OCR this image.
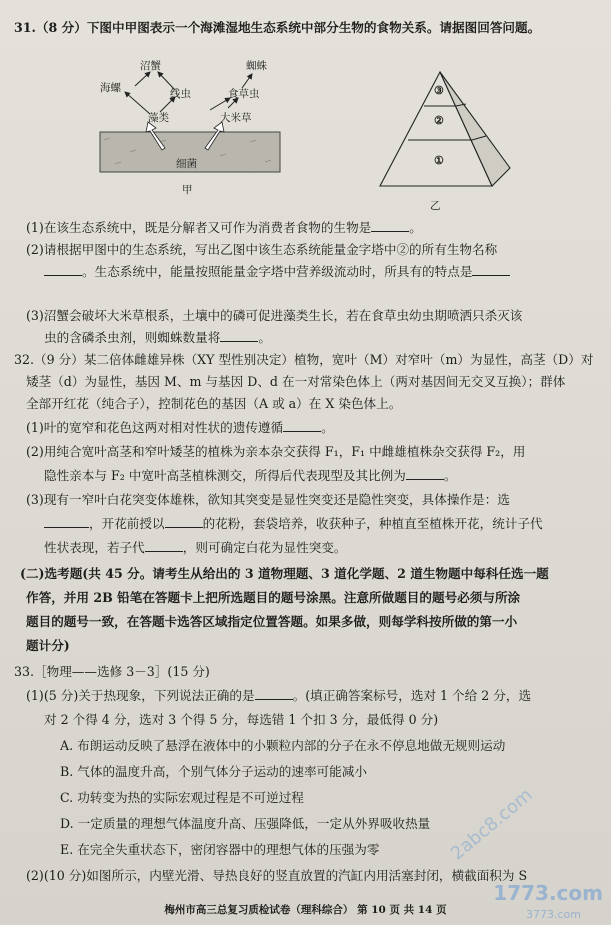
31.（8 分）下图中甲图表示一个海滩湿地生态系统中部分生物的食物关系。请据图回答问题。
沼蟹	蜘蛛
海螺	线虫	食草虫
藻类	大米草
细菌
甲
③
②
①
乙
(1)在该生态系统中，既是分解者又可作为消费者食物的生物是	。
(2)请根据甲图中的生态系统，写出乙图中该生态系统能量金字塔中②的所有生物名称
。生态系统中，能量按照能量金字塔中营养级流动时，所具有的特点是
(3)沼蟹会破坏大米草根系，土壤中的磷可促进藻类生长，若在食草虫幼虫期喷洒只杀灭该
虫的含磷杀虫剂，则蜘蛛数量将	。
32.（9 分）某二倍体雌雄异株（XY 型性别决定）植物，宽叶（M）对窄叶（m）为显性，高茎（D）对
矮茎（d）为显性，基因 M、m 与基因 D、d 在一对常染色体上（两对基因间无交叉互换）；群体
全部开红花（纯合子），控制花色的基因（A 或 a）在 X 染色体上。
(1)叶的宽窄和花色这两对相对性状的遗传遵循	。
(2)用纯合宽叶高茎和窄叶矮茎的植株为亲本杂交获得 F₁，F₁ 中雌雄植株杂交获得 F₂，用
隐性亲本与 F₂ 中宽叶高茎植株测交，所得后代表现型及其比例为	。
(3)现有一窄叶白花突变体雄株，欲知其突变是显性突变还是隐性突变，具体操作是：选
，开花前授以	的花粉，套袋培养，收获种子，种植直至植株开花，统计子代
性状表现，若子代	，则可确定白花为显性突变。
(二)选考题(共 45 分。请考生从给出的 3 道物理题、3 道化学题、2 道生物题中每科任选一题
作答，并用 2B 铅笔在答题卡上把所选题目的题号涂黑。注意所做题目的题号必须与所涂
题目的题号一致，在答题卡选答区域指定位置答题。如果多做，则每学科按所做的第一小
题计分)
33.［物理——选修 3－3］(15 分)
(1)(5 分)关于热现象，下列说法正确的是	。(填正确答案标号，选对 1 个给 2 分，选
对 2 个得 4 分，选对 3 个得 5 分，每选错 1 个扣 3 分，最低得 0 分)
A. 布朗运动反映了悬浮在液体中的小颗粒内部的分子在永不停息地做无规则运动
B. 气体的温度升高，个别气体分子运动的速率可能减小
C. 功转变为热的实际宏观过程是不可逆过程
D. 一定质量的理想气体温度升高、压强降低，一定从外界吸收热量
E. 在完全失重状态下，密闭容器中的理想气体的压强为零
(2)(10 分)如图所示，内壁光滑、导热良好的竖直放置的汽缸内用活塞封闭，横截面积为 S
梅州市高三总复习质检试卷（理科综合） 第 10 页 共 14 页
2abc8.com
1773.com
3773.com
